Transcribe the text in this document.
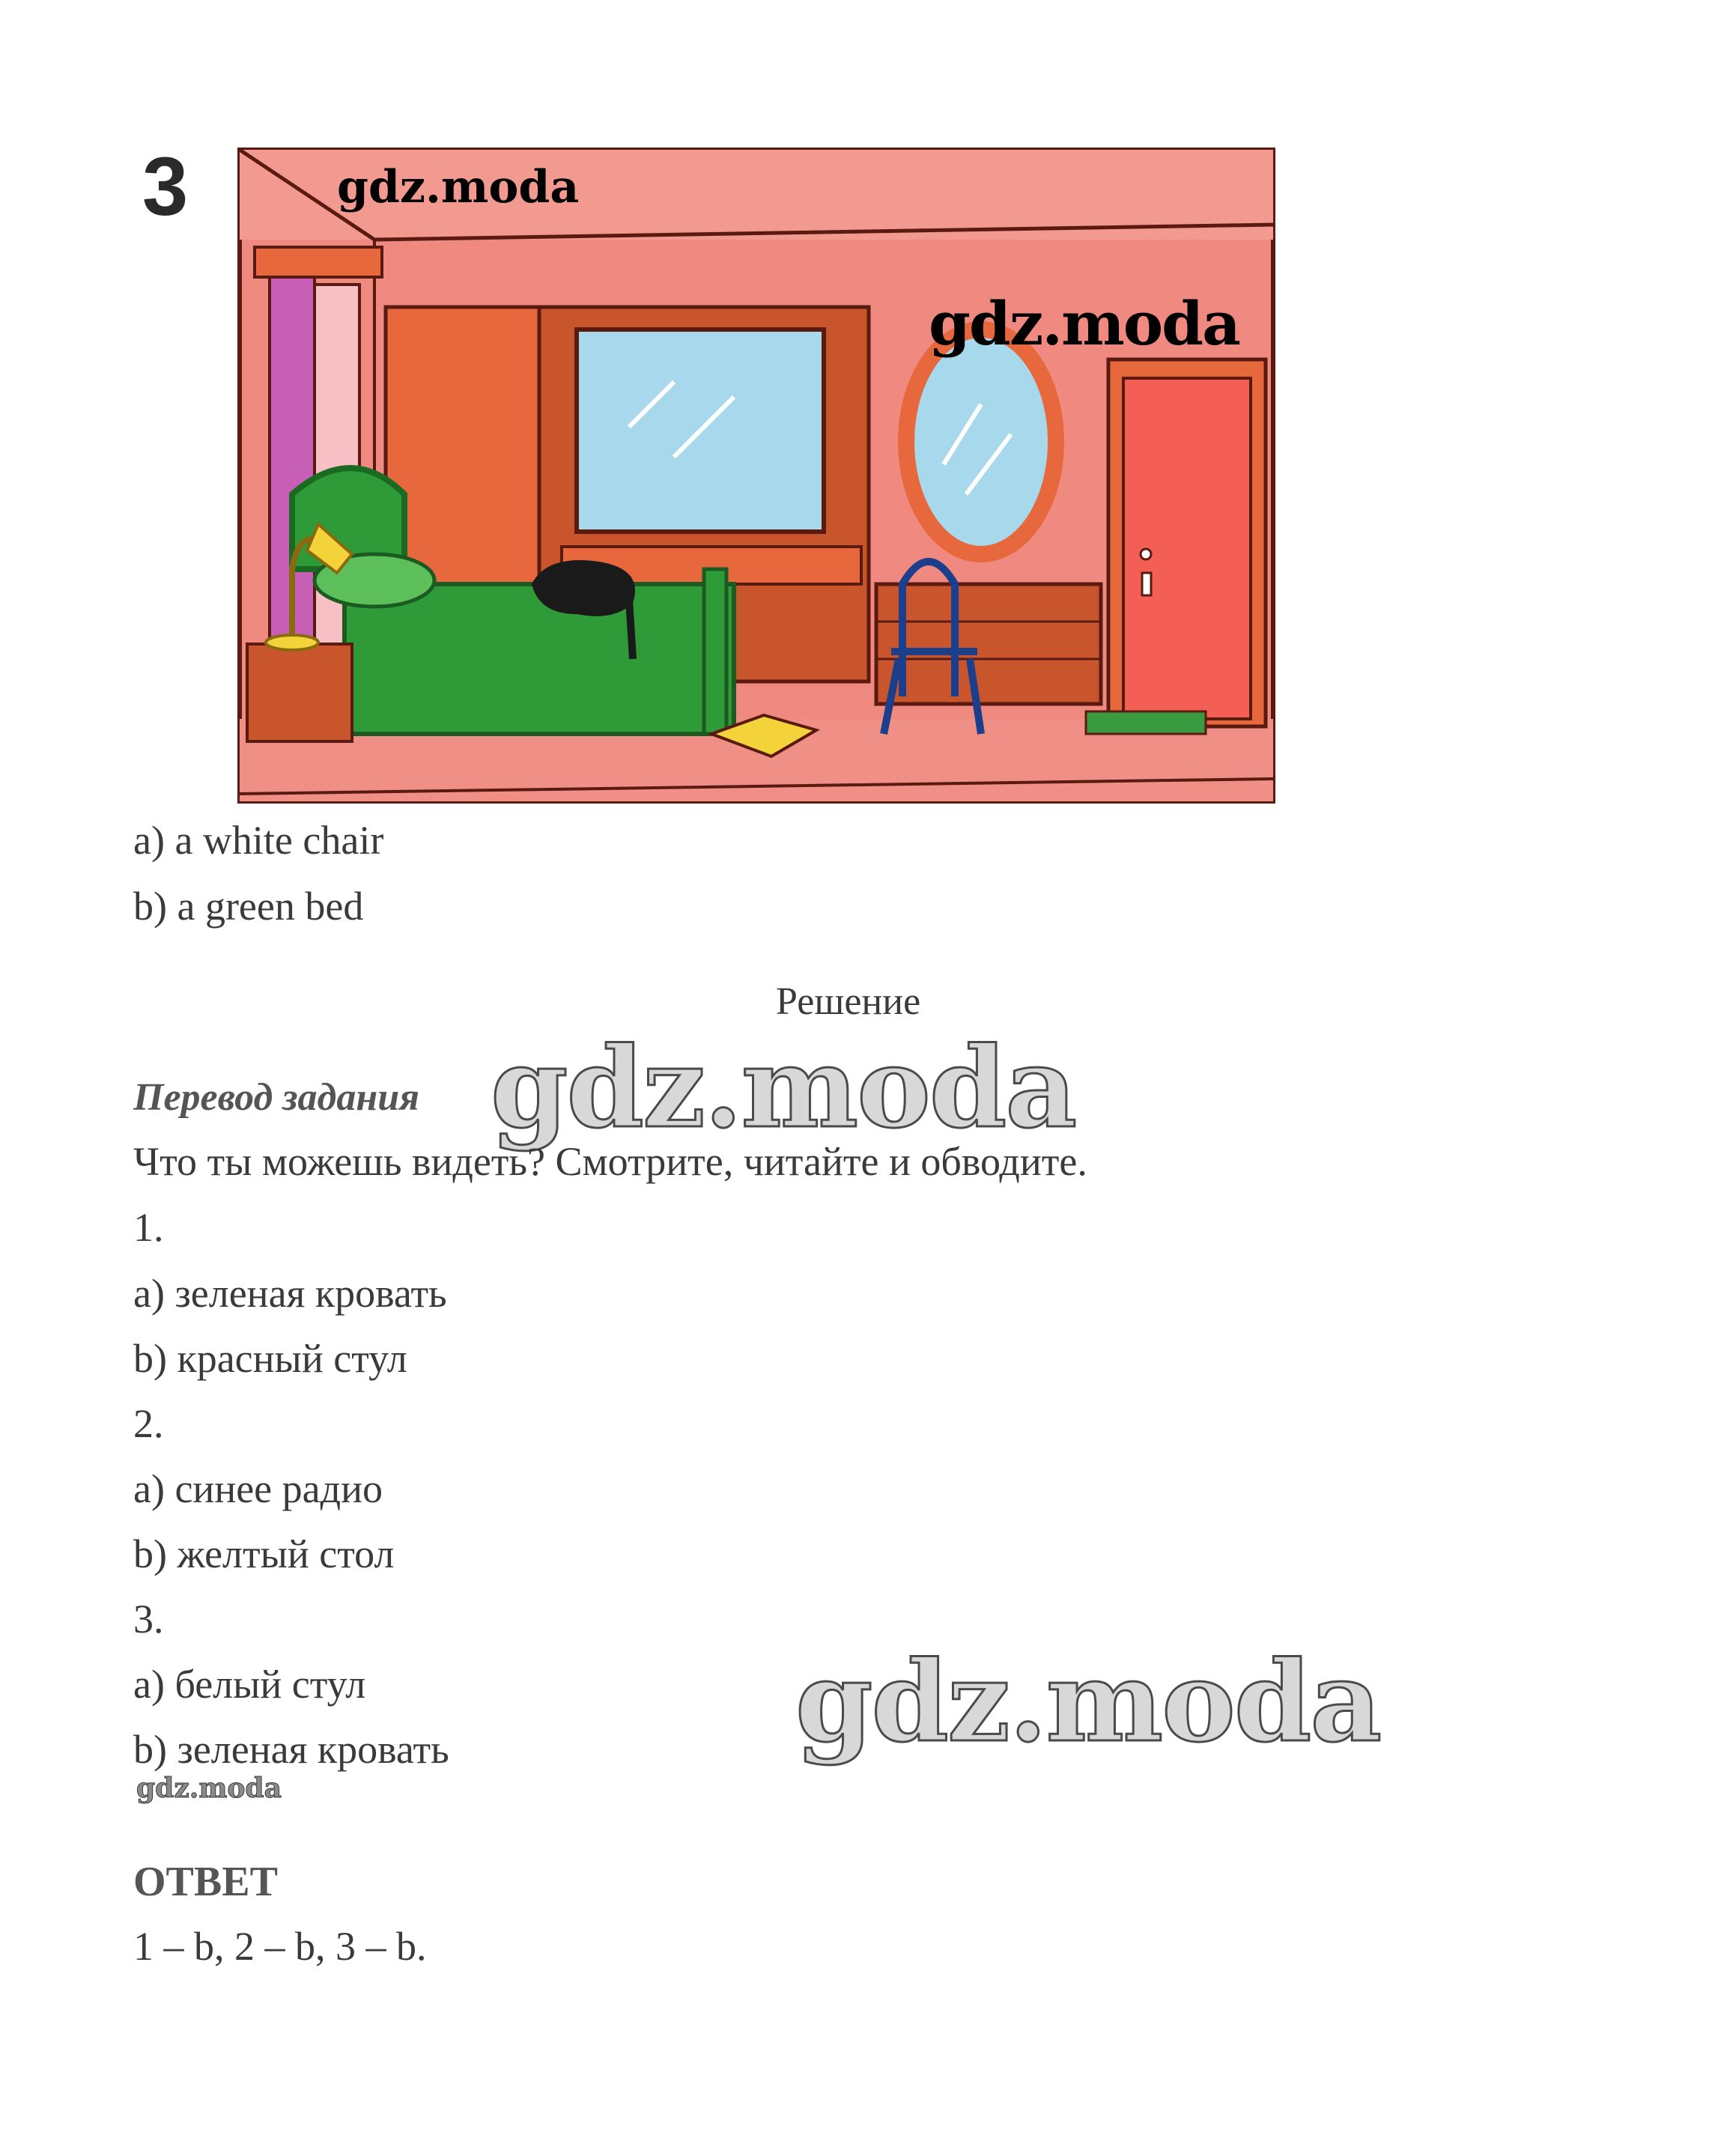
3	gdz.moda
gdz.moda
a) a white chair
b) a green bed
Решение
gdz.moda
Перевод задания
Что ты можешь видеть? Смотрите, читайте и обводите.
1.
a) зеленая кровать
b) красный стул
2.
a) синее радио
b) желтый стол
3.
a) белый стул	gdz.moda
b) зеленая кровать
gdz.moda
ОТВЕТ
1 – b, 2 – b, 3 – b.
